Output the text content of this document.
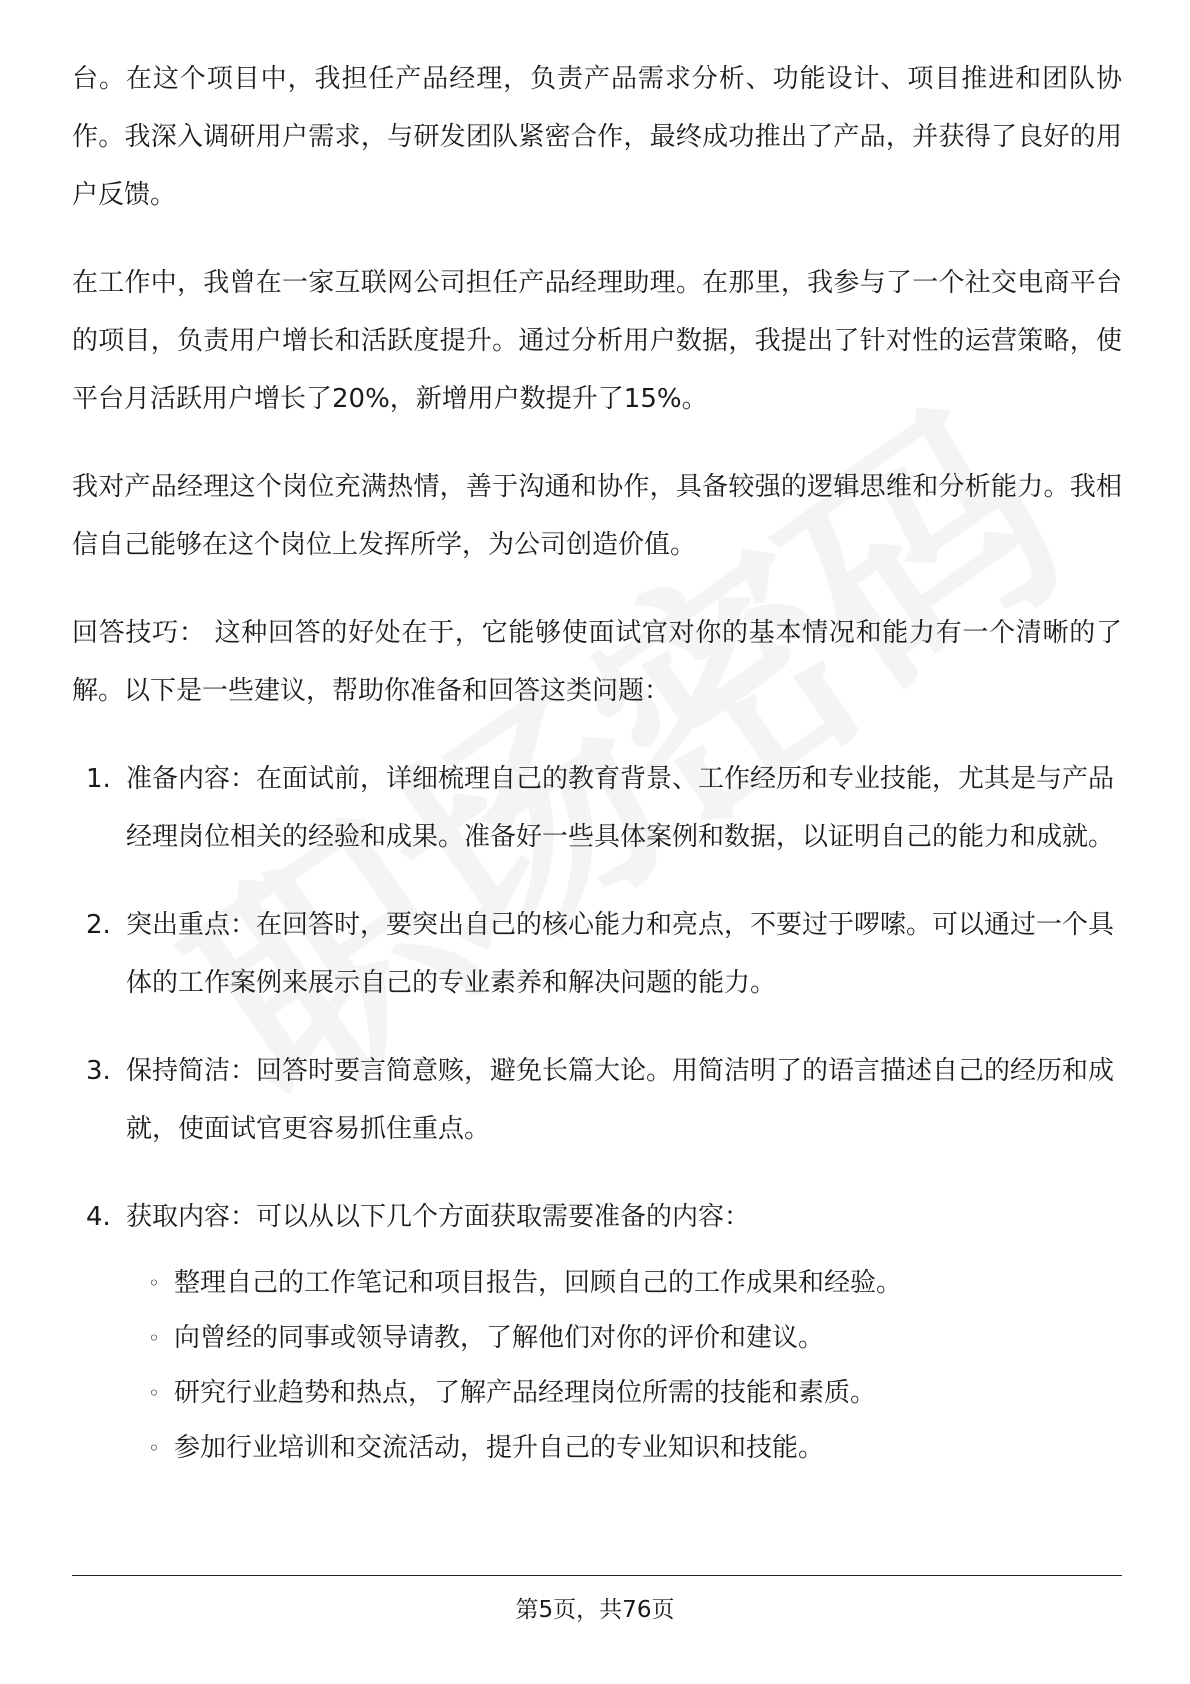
台。在这个项目中，我担任产品经理，负责产品需求分析、功能设计、项目推进和团队协作。我深入调研用户需求，与研发团队紧密合作，最终成功推出了产品，并获得了良好的用户反馈。

在工作中，我曾在一家互联网公司担任产品经理助理。在那里，我参与了一个社交电商平台的项目，负责用户增长和活跃度提升。通过分析用户数据，我提出了针对性的运营策略，使平台月活跃用户增长了20%，新增用户数提升了15%。

我对产品经理这个岗位充满热情，善于沟通和协作，具备较强的逻辑思维和分析能力。我相信自己能够在这个岗位上发挥所学，为公司创造价值。

回答技巧： 这种回答的好处在于，它能够使面试官对你的基本情况和能力有一个清晰的了解。以下是一些建议，帮助你准备和回答这类问题：

1. 准备内容：在面试前，详细梳理自己的教育背景、工作经历和专业技能，尤其是与产品经理岗位相关的经验和成果。准备好一些具体案例和数据，以证明自己的能力和成就。
2. 突出重点：在回答时，要突出自己的核心能力和亮点，不要过于啰嗦。可以通过一个具体的工作案例来展示自己的专业素养和解决问题的能力。
3. 保持简洁：回答时要言简意赅，避免长篇大论。用简洁明了的语言描述自己的经历和成就，使面试官更容易抓住重点。
4. 获取内容：可以从以下几个方面获取需要准备的内容：
◦ 整理自己的工作笔记和项目报告，回顾自己的工作成果和经验。
◦ 向曾经的同事或领导请教，了解他们对你的评价和建议。
◦ 研究行业趋势和热点，了解产品经理岗位所需的技能和素质。
◦ 参加行业培训和交流活动，提升自己的专业知识和技能。
第5页，共76页
